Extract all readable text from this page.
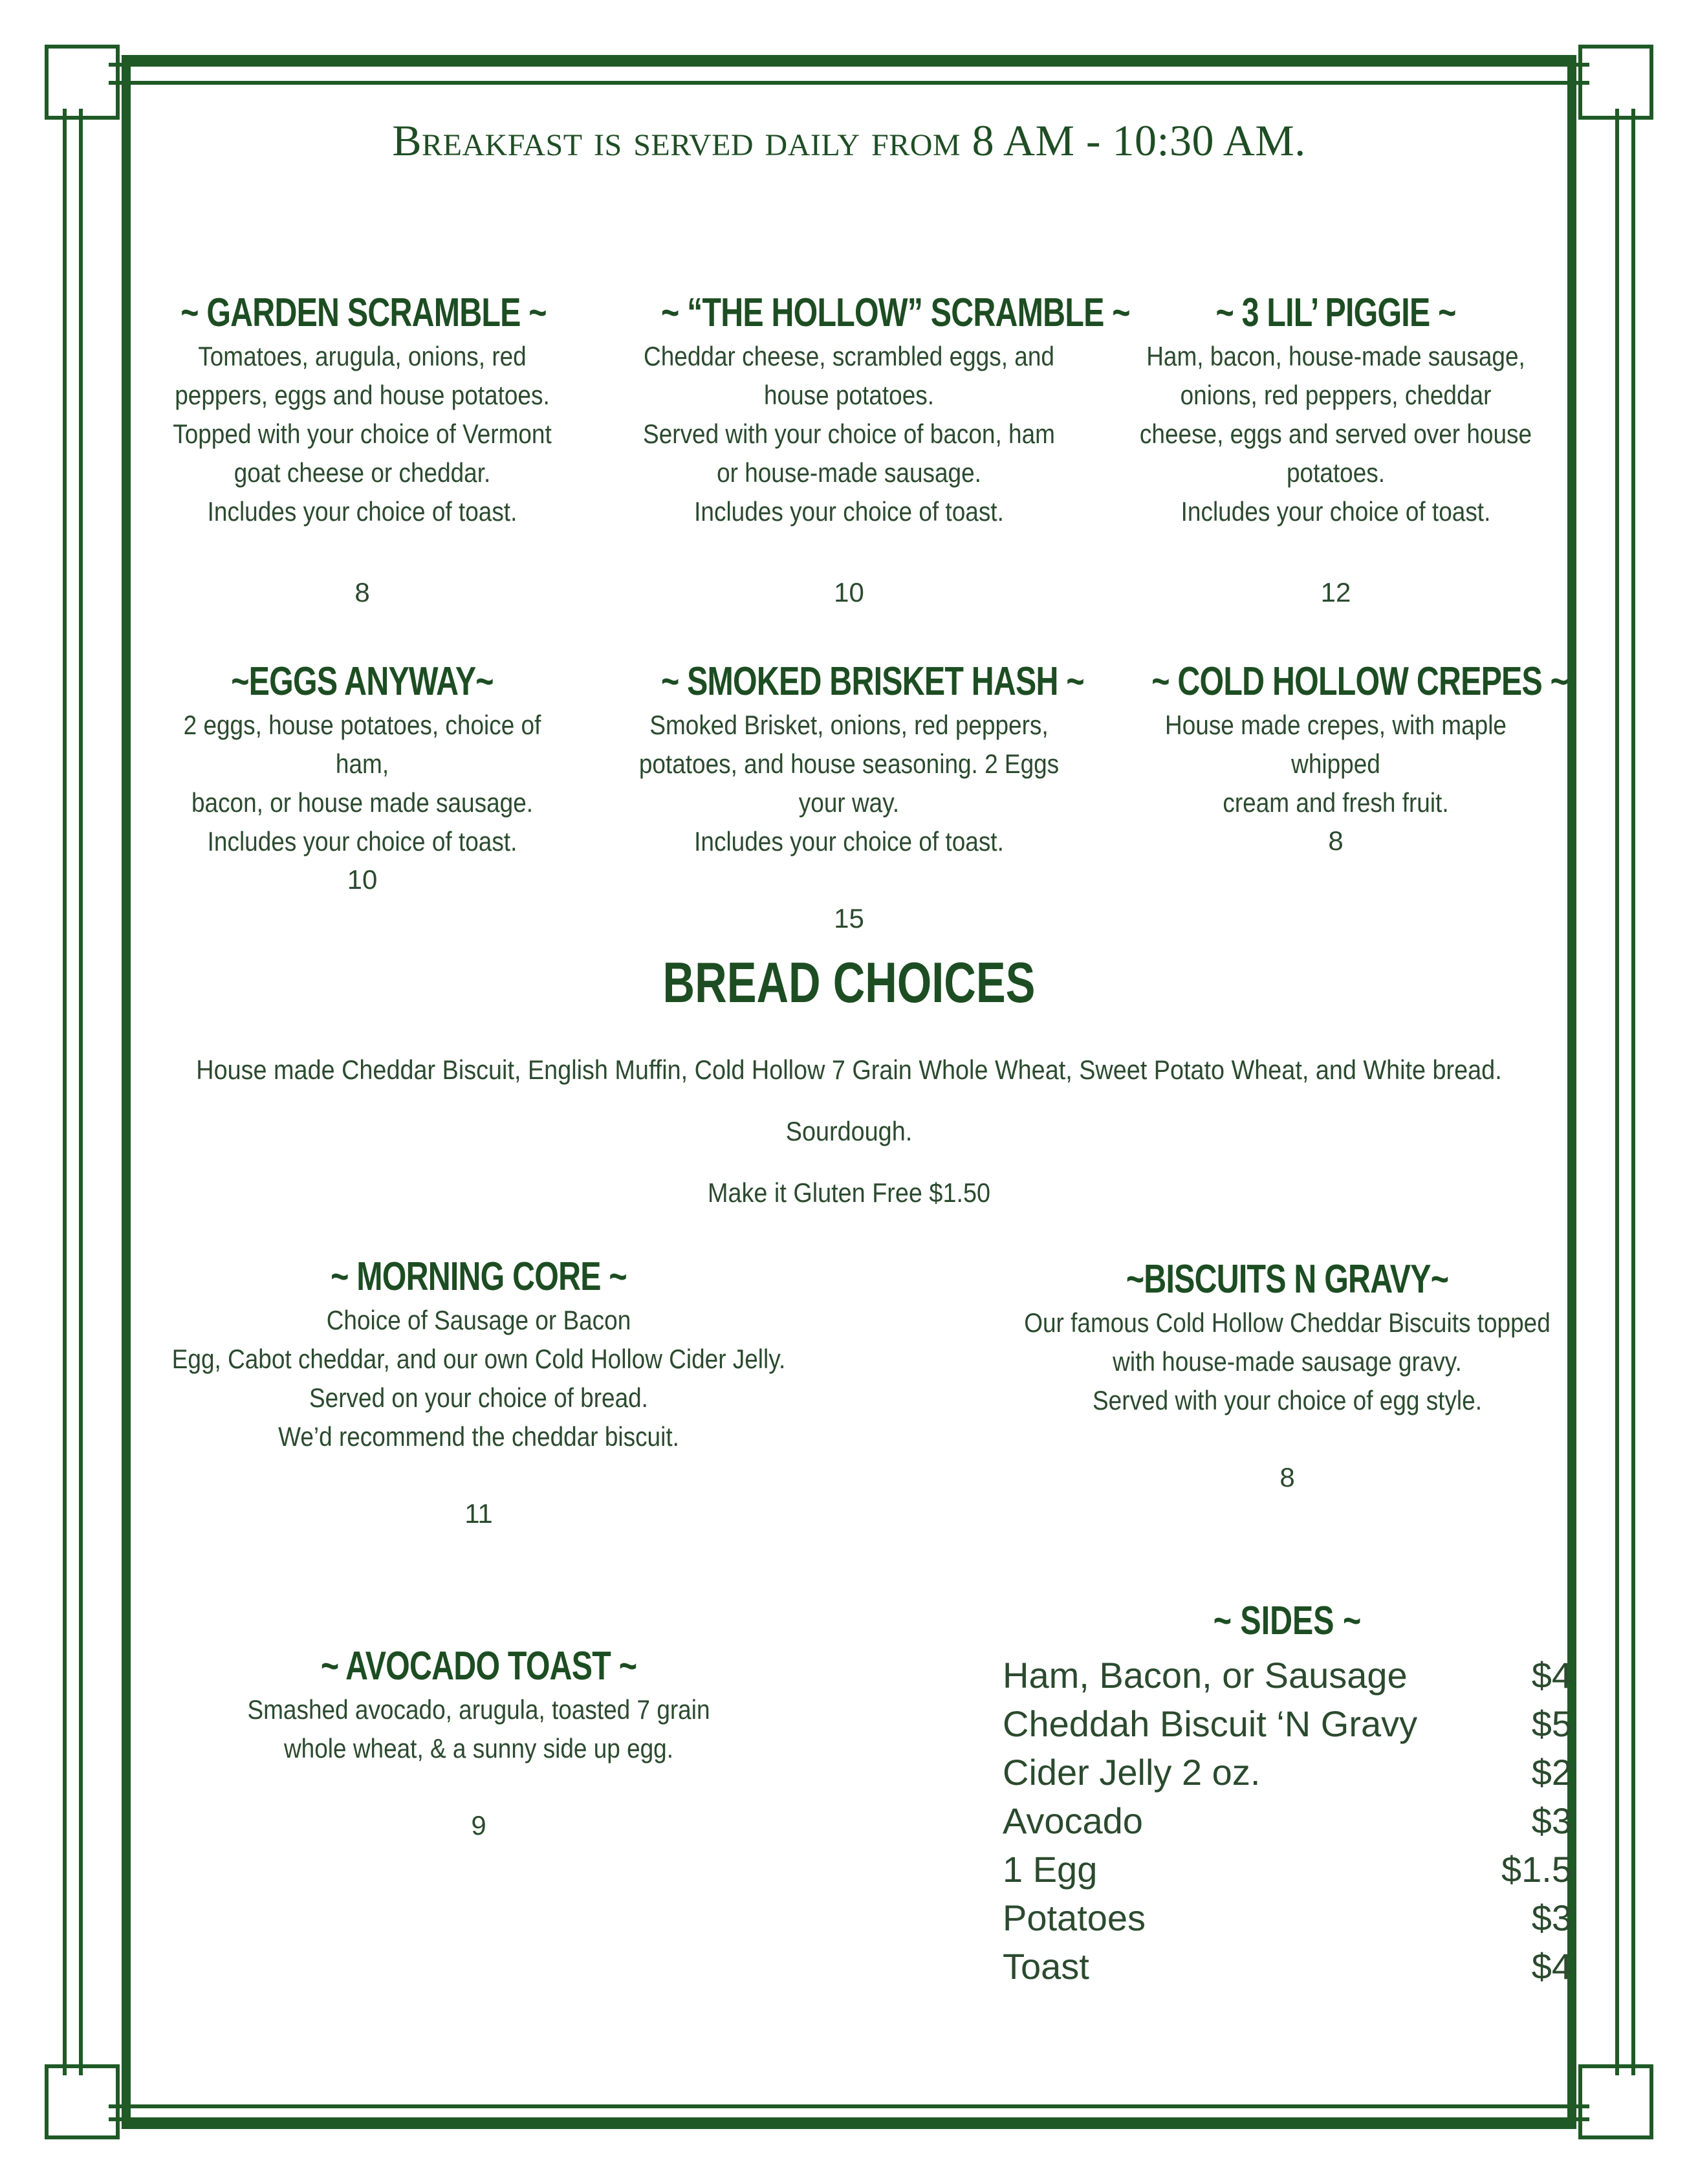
Breakfast is served daily from 8 AM - 10:30 AM.
~ GARDEN SCRAMBLE ~
Tomatoes, arugula, onions, red
peppers, eggs and house potatoes.
Topped with your choice of Vermont
goat cheese or cheddar.
Includes your choice of toast.
8
~ “THE HOLLOW” SCRAMBLE ~
Cheddar cheese, scrambled eggs, and
house potatoes.
Served with your choice of bacon, ham
or house-made sausage.
Includes your choice of toast.
10
~ 3 LIL’ PIGGIE ~
Ham, bacon, house-made sausage,
onions, red peppers, cheddar
cheese, eggs and served over house
potatoes.
Includes your choice of toast.
12
~EGGS ANYWAY~
2 eggs, house potatoes, choice of ham,
bacon, or house made sausage.
Includes your choice of toast.
10
~ SMOKED BRISKET HASH ~
Smoked Brisket, onions, red peppers,
potatoes, and house seasoning. 2 Eggs
your way.
Includes your choice of toast.
15
~ COLD HOLLOW CREPES ~
House made crepes, with maple whipped
cream and fresh fruit.
8
BREAD CHOICES
House made Cheddar Biscuit, English Muffin, Cold Hollow 7 Grain Whole Wheat, Sweet Potato Wheat, and White bread.
Sourdough.
Make it Gluten Free $1.50
~ MORNING CORE ~
Choice of Sausage or Bacon
Egg, Cabot cheddar, and our own Cold Hollow Cider Jelly.
Served on your choice of bread.
We’d recommend the cheddar biscuit.
11
~BISCUITS N GRAVY~
Our famous Cold Hollow Cheddar Biscuits topped
with house-made sausage gravy.
Served with your choice of egg style.
8
~ AVOCADO TOAST ~
Smashed avocado, arugula, toasted 7 grain
whole wheat, & a sunny side up egg.
9
~ SIDES ~
Ham, Bacon, or Sausage	$4
Cheddah Biscuit ‘N Gravy	$5
Cider Jelly 2 oz.	$2
Avocado	$3
1 Egg	$1.5
Potatoes	$3
Toast	$4
